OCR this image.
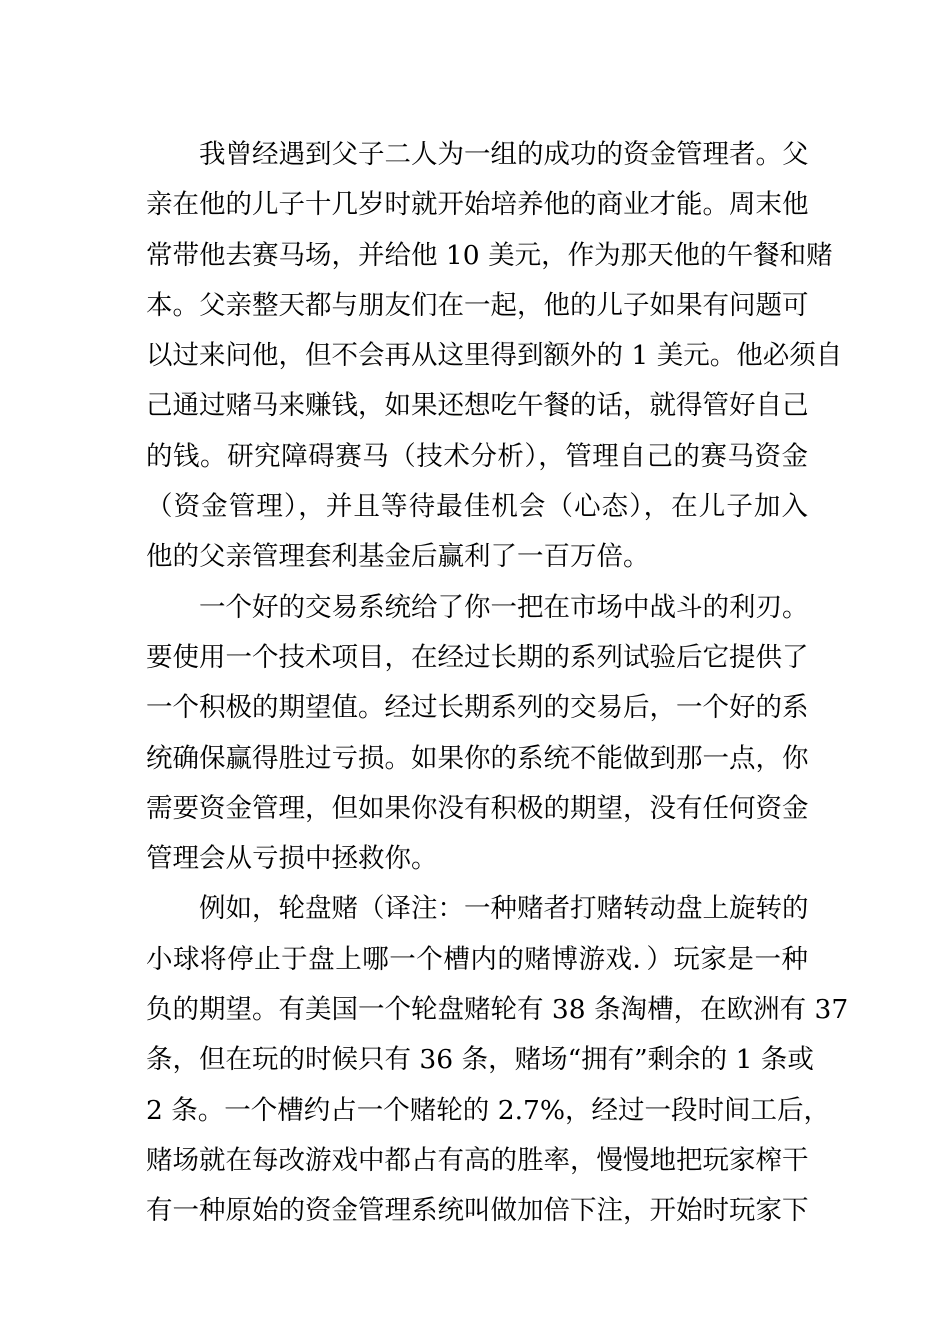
我曾经遇到父子二人为一组的成功的资金管理者。父
亲在他的儿子十几岁时就开始培养他的商业才能。周末他
常带他去赛马场，并给他 10 美元，作为那天他的午餐和赌
本。父亲整天都与朋友们在一起，他的儿子如果有问题可
以过来问他，但不会再从这里得到额外的 1 美元。他必须自
己通过赌马来赚钱，如果还想吃午餐的话，就得管好自己
的钱。研究障碍赛马（技术分析），管理自己的赛马资金
（资金管理），并且等待最佳机会（心态），在儿子加入
他的父亲管理套利基金后赢利了一百万倍。
一个好的交易系统给了你一把在市场中战斗的利刃。
要使用一个技术项目，在经过长期的系列试验后它提供了
一个积极的期望值。经过长期系列的交易后，一个好的系
统确保赢得胜过亏损。如果你的系统不能做到那一点，你
需要资金管理，但如果你没有积极的期望，没有任何资金
管理会从亏损中拯救你。
例如，轮盘赌（译注：一种赌者打赌转动盘上旋转的
小球将停止于盘上哪一个槽内的赌博游戏．）玩家是一种
负的期望。有美国一个轮盘赌轮有 38 条淘槽，在欧洲有 37
条，但在玩的时候只有 36 条，赌场“拥有”剩余的 1 条或
2 条。一个槽约占一个赌轮的 2.7%，经过一段时间工后，
赌场就在每改游戏中都占有高的胜率，慢慢地把玩家榨干
有一种原始的资金管理系统叫做加倍下注，开始时玩家下
